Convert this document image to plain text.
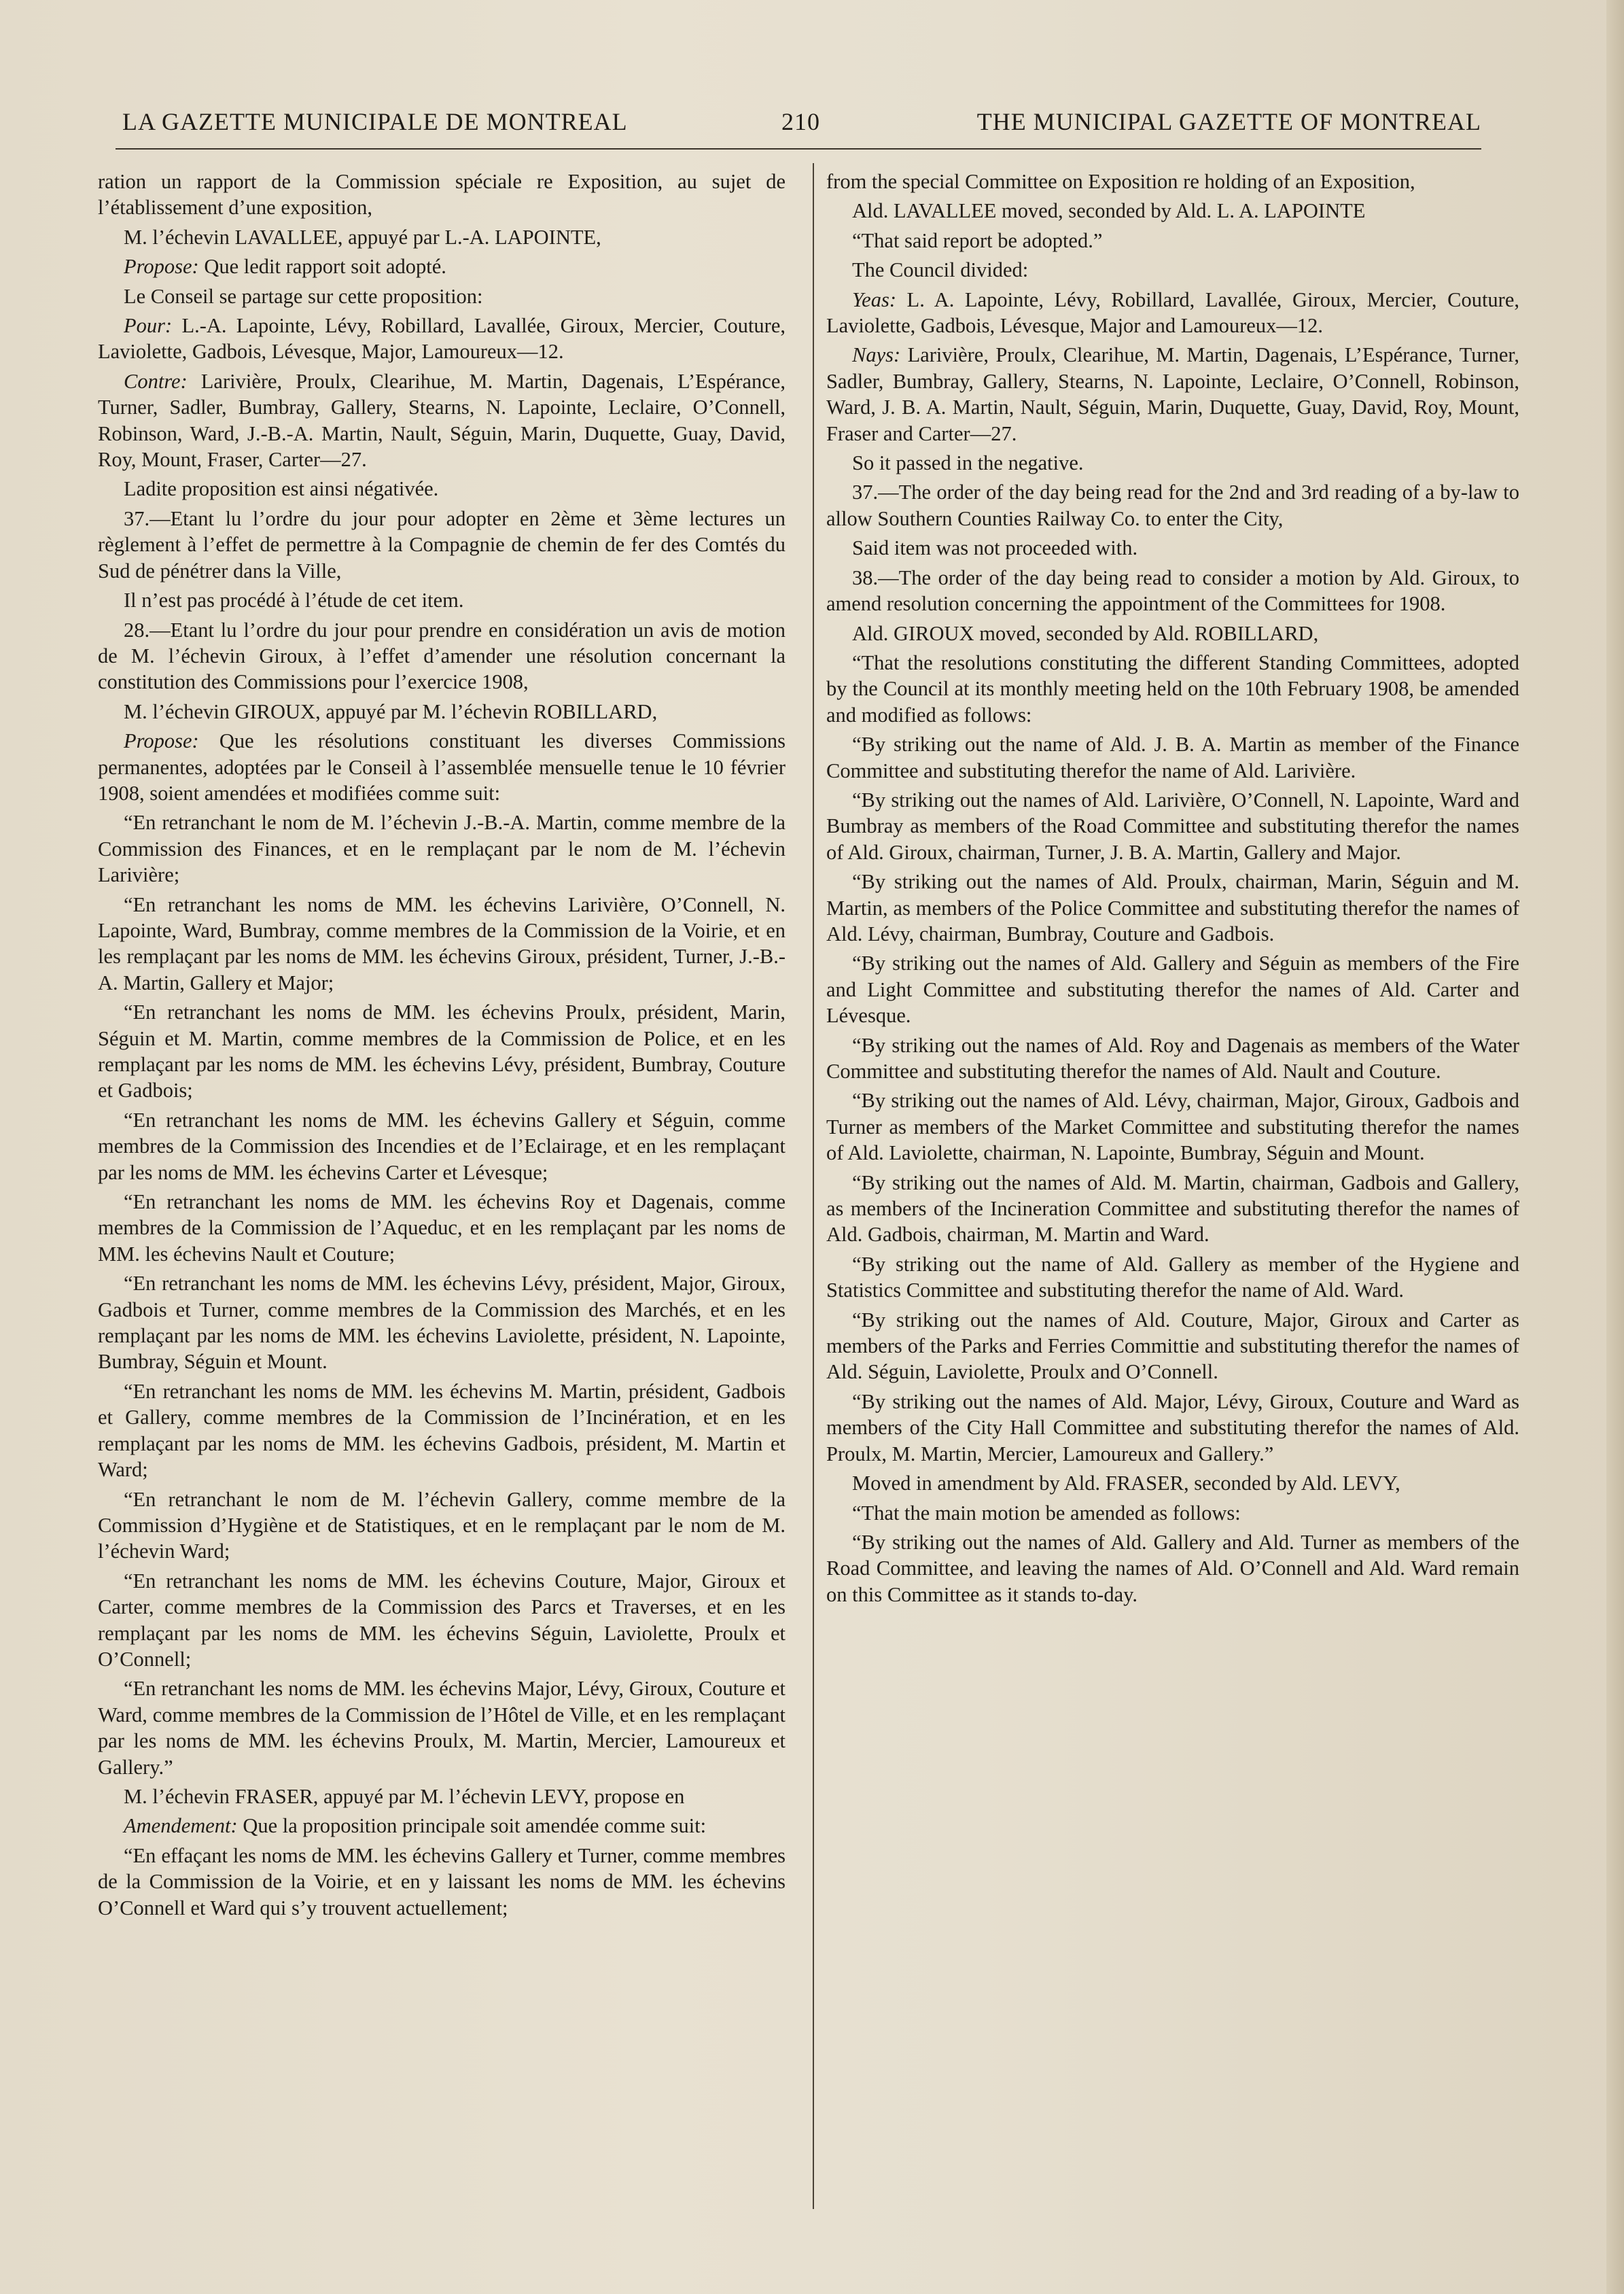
LA GAZETTE MUNICIPALE DE MONTREAL	210	THE MUNICIPAL GAZETTE OF MONTREAL

ration un rapport de la Commission spéciale re Exposition, au sujet de l’établissement d’une exposition,

M. l’échevin LAVALLEE, appuyé par L.-A. LAPOINTE,

Propose: Que ledit rapport soit adopté.

Le Conseil se partage sur cette proposition:

Pour: L.-A. Lapointe, Lévy, Robillard, Lavallée, Giroux, Mercier, Couture, Laviolette, Gadbois, Lévesque, Major, Lamoureux—12.

Contre: Larivière, Proulx, Clearihue, M. Martin, Dagenais, L’Espérance, Turner, Sadler, Bumbray, Gallery, Stearns, N. Lapointe, Leclaire, O’Connell, Robinson, Ward, J.-B.-A. Martin, Nault, Séguin, Marin, Duquette, Guay, David, Roy, Mount, Fraser, Carter—27.

Ladite proposition est ainsi négativée.

37.—Etant lu l’ordre du jour pour adopter en 2ème et 3ème lectures un règlement à l’effet de permettre à la Compagnie de chemin de fer des Comtés du Sud de pénétrer dans la Ville,

Il n’est pas procédé à l’étude de cet item.

28.—Etant lu l’ordre du jour pour prendre en considération un avis de motion de M. l’échevin Giroux, à l’effet d’amender une résolution concernant la constitution des Commissions pour l’exercice 1908,

M. l’échevin GIROUX, appuyé par M. l’échevin ROBILLARD,

Propose: Que les résolutions constituant les diverses Commissions permanentes, adoptées par le Conseil à l’assemblée mensuelle tenue le 10 février 1908, soient amendées et modifiées comme suit:

“En retranchant le nom de M. l’échevin J.-B.-A. Martin, comme membre de la Commission des Finances, et en le remplaçant par le nom de M. l’échevin Larivière;

“En retranchant les noms de MM. les échevins Larivière, O’Connell, N. Lapointe, Ward, Bumbray, comme membres de la Commission de la Voirie, et en les remplaçant par les noms de MM. les échevins Giroux, président, Turner, J.-B.-A. Martin, Gallery et Major;

“En retranchant les noms de MM. les échevins Proulx, président, Marin, Séguin et M. Martin, comme membres de la Commission de Police, et en les remplaçant par les noms de MM. les échevins Lévy, président, Bumbray, Couture et Gadbois;

“En retranchant les noms de MM. les échevins Gallery et Séguin, comme membres de la Commission des Incendies et de l’Eclairage, et en les remplaçant par les noms de MM. les échevins Carter et Lévesque;

“En retranchant les noms de MM. les échevins Roy et Dagenais, comme membres de la Commission de l’Aqueduc, et en les remplaçant par les noms de MM. les échevins Nault et Couture;

“En retranchant les noms de MM. les échevins Lévy, président, Major, Giroux, Gadbois et Turner, comme membres de la Commission des Marchés, et en les remplaçant par les noms de MM. les échevins Laviolette, président, N. Lapointe, Bumbray, Séguin et Mount.

“En retranchant les noms de MM. les échevins M. Martin, président, Gadbois et Gallery, comme membres de la Commission de l’Incinération, et en les remplaçant par les noms de MM. les échevins Gadbois, président, M. Martin et Ward;

“En retranchant le nom de M. l’échevin Gallery, comme membre de la Commission d’Hygiène et de Statistiques, et en le remplaçant par le nom de M. l’échevin Ward;

“En retranchant les noms de MM. les échevins Couture, Major, Giroux et Carter, comme membres de la Commission des Parcs et Traverses, et en les remplaçant par les noms de MM. les échevins Séguin, Laviolette, Proulx et O’Connell;

“En retranchant les noms de MM. les échevins Major, Lévy, Giroux, Couture et Ward, comme membres de la Commission de l’Hôtel de Ville, et en les remplaçant par les noms de MM. les échevins Proulx, M. Martin, Mercier, Lamoureux et Gallery.”

M. l’échevin FRASER, appuyé par M. l’échevin LEVY, propose en

Amendement: Que la proposition principale soit amendée comme suit:

“En effaçant les noms de MM. les échevins Gallery et Turner, comme membres de la Commission de la Voirie, et en y laissant les noms de MM. les échevins O’Connell et Ward qui s’y trouvent actuellement;

from the special Committee on Exposition re holding of an Exposition,

Ald. LAVALLEE moved, seconded by Ald. L. A. LAPOINTE

“That said report be adopted.”

The Council divided:

Yeas: L. A. Lapointe, Lévy, Robillard, Lavallée, Giroux, Mercier, Couture, Laviolette, Gadbois, Lévesque, Major and Lamoureux—12.

Nays: Larivière, Proulx, Clearihue, M. Martin, Dagenais, L’Espérance, Turner, Sadler, Bumbray, Gallery, Stearns, N. Lapointe, Leclaire, O’Connell, Robinson, Ward, J. B. A. Martin, Nault, Séguin, Marin, Duquette, Guay, David, Roy, Mount, Fraser and Carter—27.

So it passed in the negative.

37.—The order of the day being read for the 2nd and 3rd reading of a by-law to allow Southern Counties Railway Co. to enter the City,

Said item was not proceeded with.

38.—The order of the day being read to consider a motion by Ald. Giroux, to amend resolution concerning the appointment of the Committees for 1908.

Ald. GIROUX moved, seconded by Ald. ROBILLARD,

“That the resolutions constituting the different Standing Committees, adopted by the Council at its monthly meeting held on the 10th February 1908, be amended and modified as follows:

“By striking out the name of Ald. J. B. A. Martin as member of the Finance Committee and substituting therefor the name of Ald. Larivière.

“By striking out the names of Ald. Larivière, O’Connell, N. Lapointe, Ward and Bumbray as members of the Road Committee and substituting therefor the names of Ald. Giroux, chairman, Turner, J. B. A. Martin, Gallery and Major.

“By striking out the names of Ald. Proulx, chairman, Marin, Séguin and M. Martin, as members of the Police Committee and substituting therefor the names of Ald. Lévy, chairman, Bumbray, Couture and Gadbois.

“By striking out the names of Ald. Gallery and Séguin as members of the Fire and Light Committee and substituting therefor the names of Ald. Carter and Lévesque.

“By striking out the names of Ald. Roy and Dagenais as members of the Water Committee and substituting therefor the names of Ald. Nault and Couture.

“By striking out the names of Ald. Lévy, chairman, Major, Giroux, Gadbois and Turner as members of the Market Committee and substituting therefor the names of Ald. Laviolette, chairman, N. Lapointe, Bumbray, Séguin and Mount.

“By striking out the names of Ald. M. Martin, chairman, Gadbois and Gallery, as members of the Incineration Committee and substituting therefor the names of Ald. Gadbois, chairman, M. Martin and Ward.

“By striking out the name of Ald. Gallery as member of the Hygiene and Statistics Committee and substituting therefor the name of Ald. Ward.

“By striking out the names of Ald. Couture, Major, Giroux and Carter as members of the Parks and Ferries Committie and substituting therefor the names of Ald. Séguin, Laviolette, Proulx and O’Connell.

“By striking out the names of Ald. Major, Lévy, Giroux, Couture and Ward as members of the City Hall Committee and substituting therefor the names of Ald. Proulx, M. Martin, Mercier, Lamoureux and Gallery.”

Moved in amendment by Ald. FRASER, seconded by Ald. LEVY,

“That the main motion be amended as follows:

“By striking out the names of Ald. Gallery and Ald. Turner as members of the Road Committee, and leaving the names of Ald. O’Connell and Ald. Ward remain on this Committee as it stands to-day.
